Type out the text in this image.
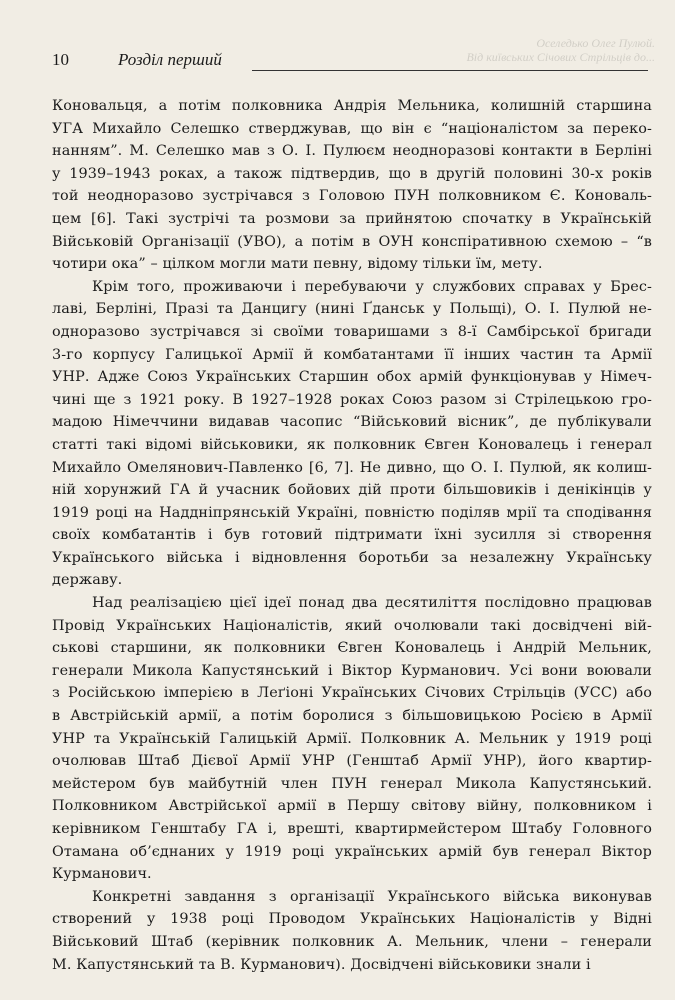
10	Розділ перший
Оселедько Олег Пулюй.
Від київських Січових Стрільців до...

Коновальця, а потім полковника Андрія Мельника, колишній старшина
УГА Михайло Селешко стверджував, що він є “націоналістом за переко-
нанням”. М. Селешко мав з О. І. Пулюєм неодноразові контакти в Берліні
у 1939–1943 роках, а також підтвердив, що в другій половині 30-х років
той неодноразово зустрічався з Головою ПУН полковником Є. Коноваль-
цем [6]. Такі зустрічі та розмови за прийнятою спочатку в Українській
Військовій Організації (УВО), а потім в ОУН конспіративною схемою – “в
чотири ока” – цілком могли мати певну, відому тільки їм, мету.

Крім того, проживаючи і перебуваючи у службових справах у Брес-
лаві, Берліні, Празі та Данцигу (нині Ґданськ у Польщі), О. І. Пулюй не-
одноразово зустрічався зі своїми товаришами з 8-ї Самбірської бригади
3-го корпусу Галицької Армії й комбатантами її інших частин та Армії
УНР. Адже Союз Українських Старшин обох армій функціонував у Німеч-
чині ще з 1921 року. В 1927–1928 роках Союз разом зі Стрілецькою гро-
мадою Німеччини видавав часопис “Військовий вісник”, де публікували
статті такі відомі військовики, як полковник Євген Коновалець і генерал
Михайло Омелянович-Павленко [6, 7]. Не дивно, що О. І. Пулюй, як колиш-
ній хорунжий ГА й учасник бойових дій проти більшовиків і денікінців у
1919 році на Наддніпрянській Україні, повністю поділяв мрії та сподівання
своїх комбатантів і був готовий підтримати їхні зусилля зі створення
Українського війська і відновлення боротьби за незалежну Українську
державу.

Над реалізацією цієї ідеї понад два десятиліття послідовно працював
Провід Українських Націоналістів, який очолювали такі досвідчені вій-
ськові старшини, як полковники Євген Коновалець і Андрій Мельник,
генерали Микола Капустянський і Віктор Курманович. Усі вони воювали
з Російською імперією в Леґіоні Українських Січових Стрільців (УСС) або
в Австрійській армії, а потім боролися з більшовицькою Росією в Армії
УНР та Українській Галицькій Армії. Полковник А. Мельник у 1919 році
очолював Штаб Дієвої Армії УНР (Генштаб Армії УНР), його квартир-
мейстером був майбутній член ПУН генерал Микола Капустянський.
Полковником Австрійської армії в Першу світову війну, полковником і
керівником Генштабу ГА і, врешті, квартирмейстером Штабу Головного
Отамана об’єднаних у 1919 році українських армій був генерал Віктор
Курманович.

Конкретні завдання з організації Українського війська виконував
створений у 1938 році Проводом Українських Націоналістів у Відні
Військовий Штаб (керівник полковник А. Мельник, члени – генерали
М. Капустянський та В. Курманович). Досвідчені військовики знали і
